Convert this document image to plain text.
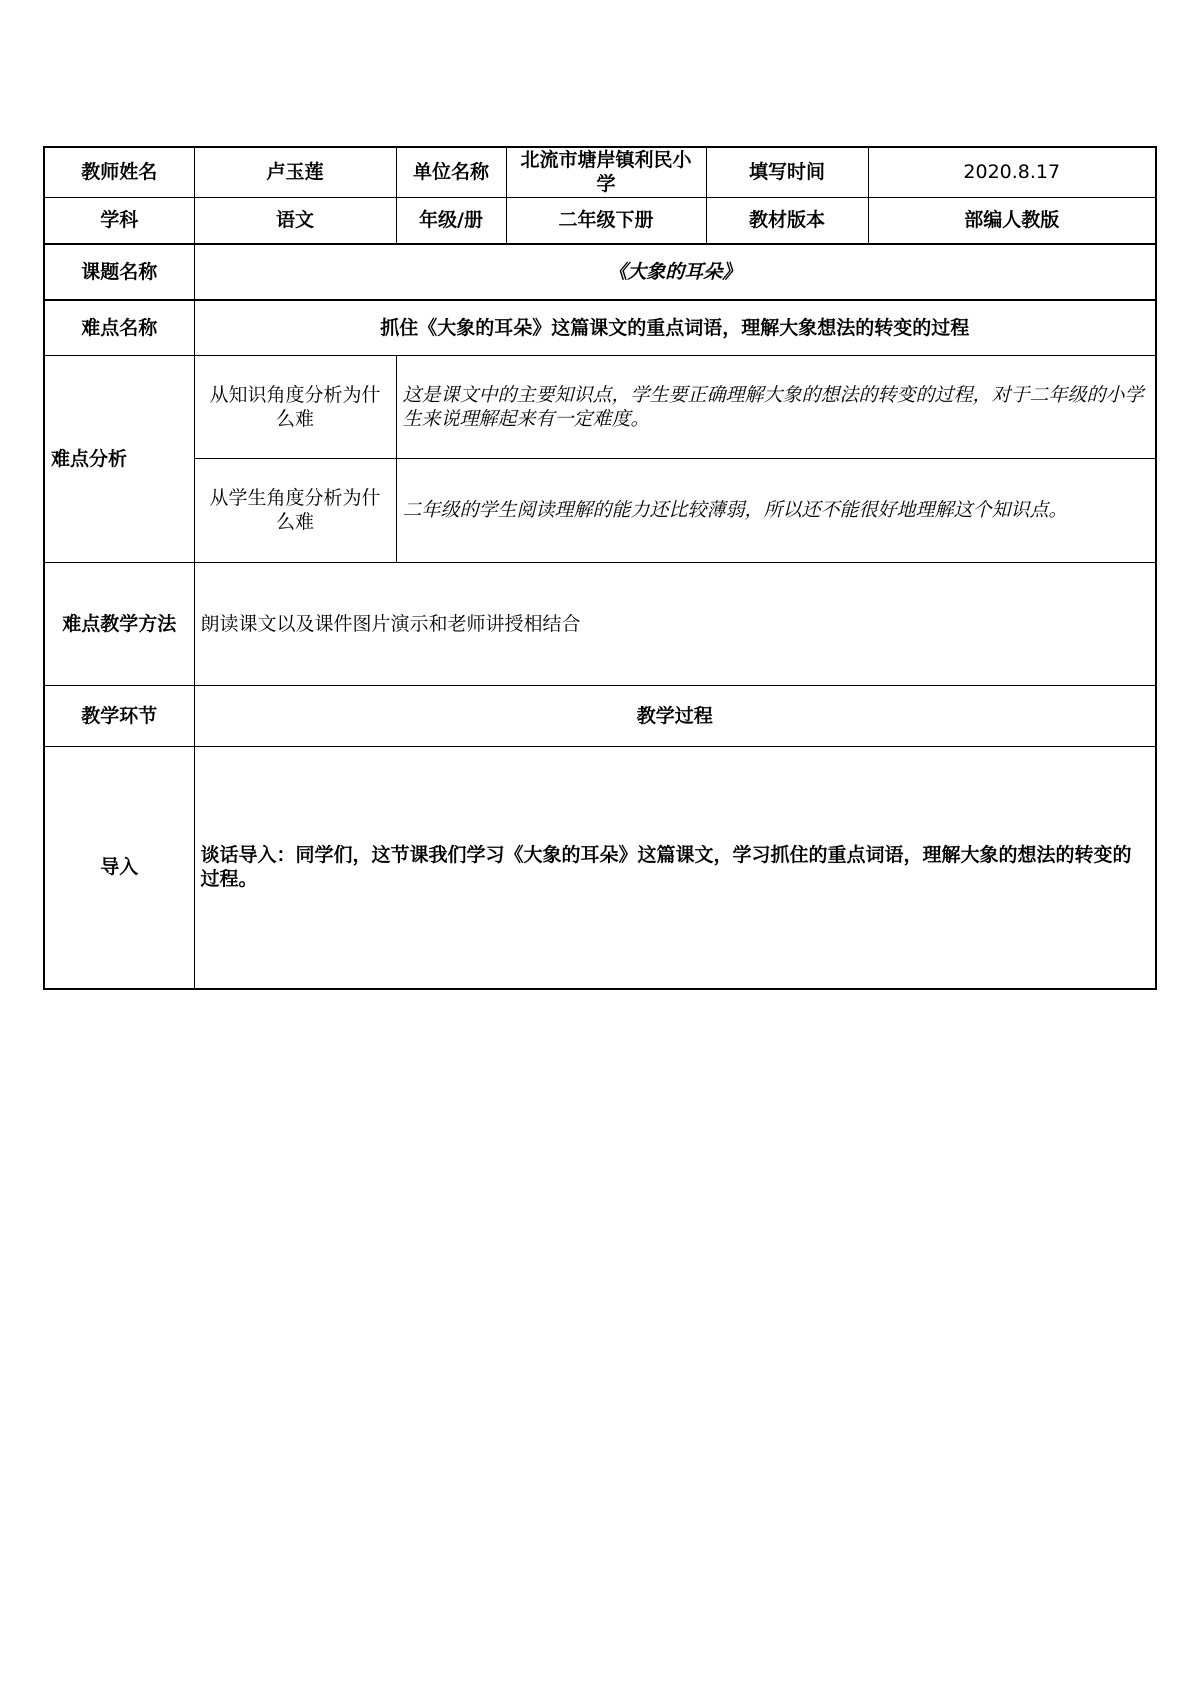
教师姓名	卢玉莲	单位名称	北流市塘岸镇利民小学	填写时间	2020.8.17
学科	语文	年级/册	二年级下册	教材版本	部编人教版
课题名称	《大象的耳朵》				
难点名称	抓住《大象的耳朵》这篇课文的重点词语，理解大象想法的转变的过程				
难点分析	从知识角度分析为什么难	这是课文中的主要知识点，学生要正确理解大象的想法的转变的过程，对于二年级的小学生来说理解起来有一定难度。			
	从学生角度分析为什么难	二年级的学生阅读理解的能力还比较薄弱，所以还不能很好地理解这个知识点。			
难点教学方法	朗读课文以及课件图片演示和老师讲授相结合				
教学环节	教学过程				
导入	谈话导入：同学们，这节课我们学习《大象的耳朵》这篇课文，学习抓住的重点词语，理解大象的想法的转变的过程。				
